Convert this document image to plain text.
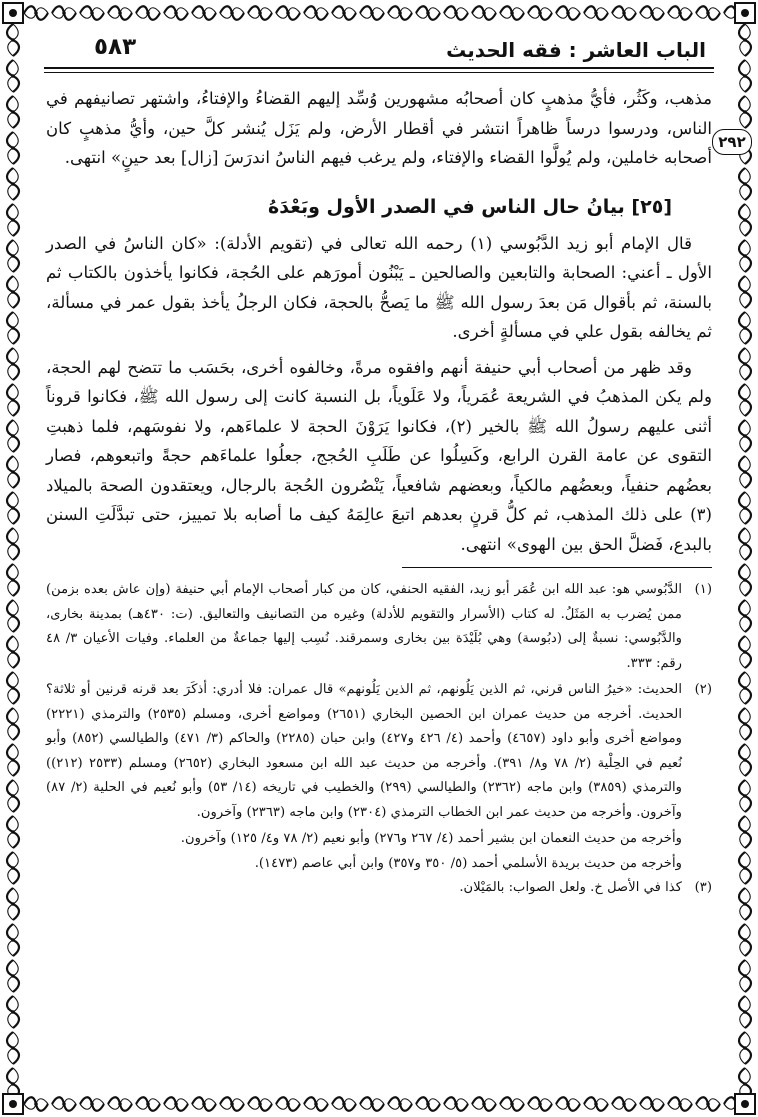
الباب العاشر : فقه الحديث
٥٨٣
٢٩٢

مذهب، وكَثُر، فأيُّ مذهبٍ كان أصحابُه مشهورين وُسِّد إليهم القضاءُ والإفتاءُ، واشتهر تصانيفهم في الناس، ودرسوا درساً ظاهراً انتشر في أقطار الأرض، ولم يَزَل يُنشر كلَّ حين، وأيُّ مذهبٍ كان أصحابه خاملين، ولم يُولَّوا القضاء والإفتاء، ولم يرغب فيهم الناسُ اندرَسَ [زال] بعد حينٍ» انتهى.

[٢٥] بيانُ حال الناس في الصدر الأول وبَعْدَهُ

قال الإمام أبو زيد الدَّبُوسي (١) رحمه الله تعالى في (تقويم الأدلة): «كان الناسُ في الصدر الأول ـ أعني: الصحابة والتابعين والصالحين ـ يَبْنُون أمورَهم على الحُجة، فكانوا يأخذون بالكتاب ثم بالسنة، ثم بأقوال مَن بعدَ رسول الله ﷺ ما يَصحُّ بالحجة، فكان الرجلُ يأخذ بقول عمر في مسألة، ثم يخالفه بقول علي في مسألةٍ أخرى.

وقد ظهر من أصحاب أبي حنيفة أنهم وافقوه مرةً، وخالفوه أخرى، بحَسَب ما تتضح لهم الحجة، ولم يكن المذهبُ في الشريعة عُمَرياً، ولا عَلَوياً، بل النسبة كانت إلى رسول الله ﷺ، فكانوا قروناً أثنى عليهم رسولُ الله ﷺ بالخير (٢)، فكانوا يَرَوْنَ الحجة لا علماءَهم، ولا نفوسَهم، فلما ذهبتِ التقوى عن عامة القرن الرابع، وكَسِلُوا عن طَلَبِ الحُجج، جعلُوا علماءَهم حجةً واتبعوهم، فصار بعضُهم حنفياً، وبعضُهم مالكياً، وبعضهم شافعياً، يَنْصُرون الحُجة بالرجال، ويعتقدون الصحة بالميلاد (٣) على ذلك المذهب، ثم كلُّ قرنٍ بعدهم اتبعَ عالِمَهُ كيف ما أصابه بلا تمييز، حتى تبدَّلَتِ السنن بالبدع، فَضلَّ الحق بين الهوى» انتهى.

(١)
الدَّبُوسي هو: عبد الله ابن عُمَر أبو زيد، الفقيه الحنفي، كان من كبار أصحاب الإمام أبي حنيفة (وإن عاش بعده بزمن) ممن يُضرب به المَثَلُ. له كتاب (الأسرار والتقويم للأدلة) وغيره من التصانيف والتعاليق. (ت: ٤٣٠هـ) بمدينة بخارى، والدَّبُوسي: نسبةٌ إلى (دبُوسة) وهي بُلَيْدَة بين بخارى وسمرقند. نُسِب إليها جماعةٌ من العلماء. وفيات الأعيان ٣/ ٤٨ رقم: ٣٣٣.
(٢)
الحديث: «خيرُ الناس قرني، ثم الذين يَلُونهم، ثم الذين يَلُونهم» قال عمران: فلا أدري: أذكَرَ بعد قرنه قرنين أو ثلاثة؟ الحديث. أخرجه من حديث عمران ابن الحصين البخاري (٢٦٥١) ومواضع أخرى، ومسلم (٢٥٣٥) والترمذي (٢٢٢١) ومواضع أخرى وأبو داود (٤٦٥٧) وأحمد (٤/ ٤٢٦ و٤٢٧) وابن حبان (٢٢٨٥) والحاكم (٣/ ٤٧١) والطيالسي (٨٥٢) وأبو نُعيم في الحِلْية (٢/ ٧٨ و٨/ ٣٩١). وأخرجه من حديث عبد الله ابن مسعود البخاري (٢٦٥٢) ومسلم (٢٥٣٣ (٢١٢)) والترمذي (٣٨٥٩) وابن ماجه (٢٣٦٢) والطيالسي (٢٩٩) والخطيب في تاريخه (١٤/ ٥٣) وأبو نُعيم في الحلية (٢/ ٨٧) وآخرون. وأخرجه من حديث عمر ابن الخطاب الترمذي (٢٣٠٤) وابن ماجه (٢٣٦٣) وآخرون.
وأخرجه من حديث النعمان ابن بشير أحمد (٤/ ٢٦٧ و٢٧٦) وأبو نعيم (٢/ ٧٨ و٤/ ١٢٥) وآخرون.
وأخرجه من حديث بريدة الأسلمي أحمد (٥/ ٣٥٠ و٣٥٧) وابن أبي عاصم (١٤٧٣).
(٣)
كذا في الأصل خ. ولعل الصواب: بالمَيْلان.
